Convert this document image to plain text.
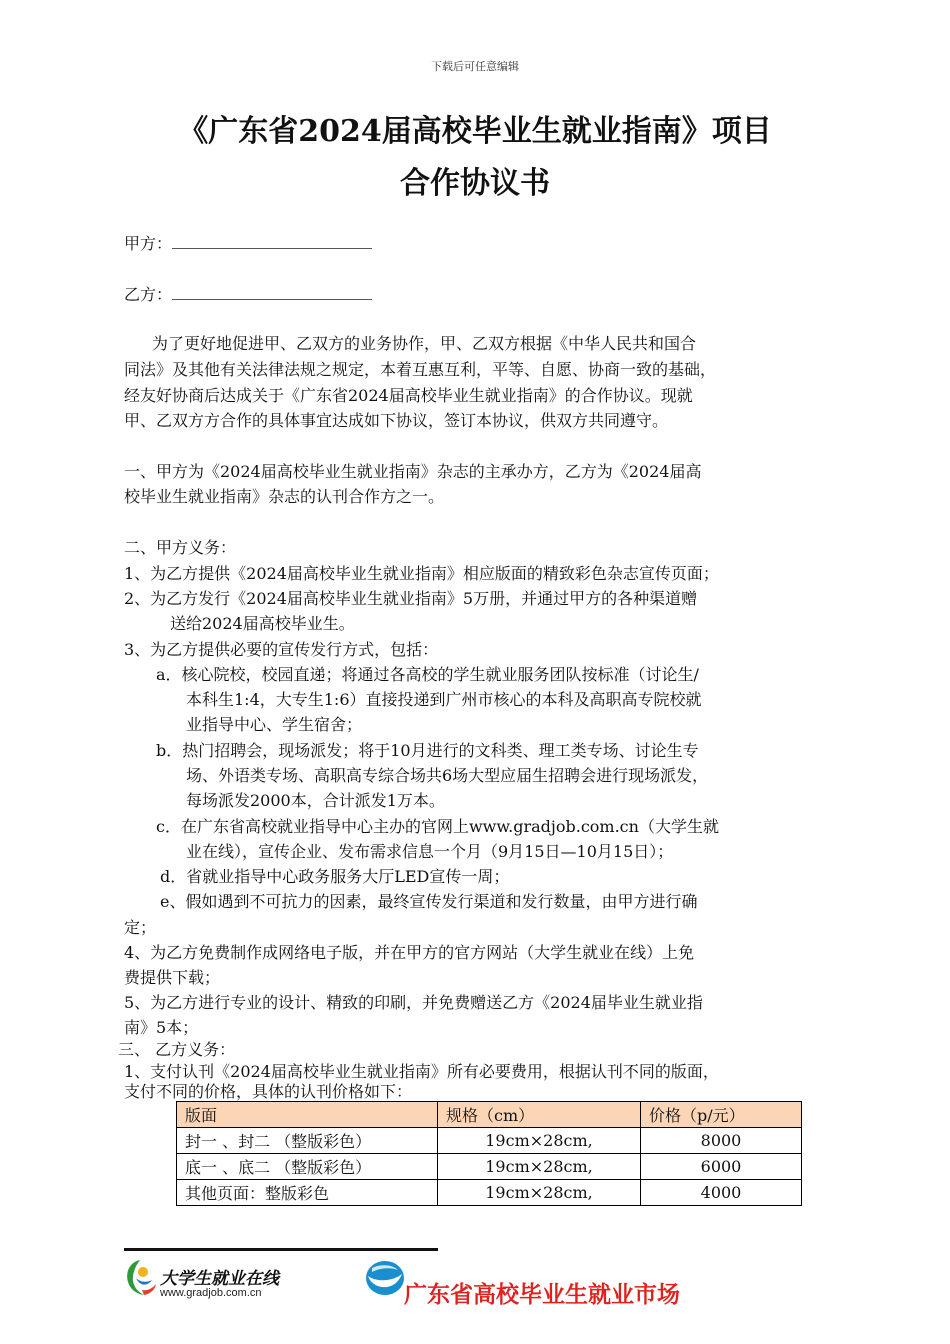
下载后可任意编辑
《广东省2024届高校毕业生就业指南》项目
合作协议书
甲方：
乙方：
为了更好地促进甲、乙双方的业务协作，甲、乙双方根据《中华人民共和国合
同法》及其他有关法律法规之规定，本着互惠互利，平等、自愿、协商一致的基础，
经友好协商后达成关于《广东省2024届高校毕业生就业指南》的合作协议。现就
甲、乙双方方合作的具体事宜达成如下协议，签订本协议，供双方共同遵守。
一、甲方为《2024届高校毕业生就业指南》杂志的主承办方，乙方为《2024届高
校毕业生就业指南》杂志的认刊合作方之一。
二、甲方义务：
1、为乙方提供《2024届高校毕业生就业指南》相应版面的精致彩色杂志宣传页面；
2、为乙方发行《2024届高校毕业生就业指南》5万册，并通过甲方的各种渠道赠
送给2024届高校毕业生。
3、为乙方提供必要的宣传发行方式，包括：
a．核心院校，校园直递；将通过各高校的学生就业服务团队按标准（讨论生/
本科生1:4，大专生1:6）直接投递到广州市核心的本科及高职高专院校就
业指导中心、学生宿舍；
b．热门招聘会，现场派发；将于10月进行的文科类、理工类专场、讨论生专
场、外语类专场、高职高专综合场共6场大型应届生招聘会进行现场派发，
每场派发2000本，合计派发1万本。
c．在广东省高校就业指导中心主办的官网上www.gradjob.com.cn（大学生就
业在线），宣传企业、发布需求信息一个月（9月15日—10月15日）；
d．省就业指导中心政务服务大厅LED宣传一周；
e、假如遇到不可抗力的因素，最终宣传发行渠道和发行数量，由甲方进行确
定；
4、为乙方免费制作成网络电子版，并在甲方的官方网站（大学生就业在线）上免
费提供下载；
5、为乙方进行专业的设计、精致的印刷，并免费赠送乙方《2024届毕业生就业指
南》5本；
三、 乙方义务：
1、支付认刊《2024届高校毕业生就业指南》所有必要费用，根据认刊不同的版面，
支付不同的价格，具体的认刊价格如下：
版面	规格（cm）	价格（p/元）
封一 、封二 （整版彩色）	19cm×28cm,	8000
底一 、底二 （整版彩色）	19cm×28cm,	6000
其他页面：整版彩色	19cm×28cm,	4000
大学生就业在线
www.gradjob.com.cn	广东省高校毕业生就业市场
